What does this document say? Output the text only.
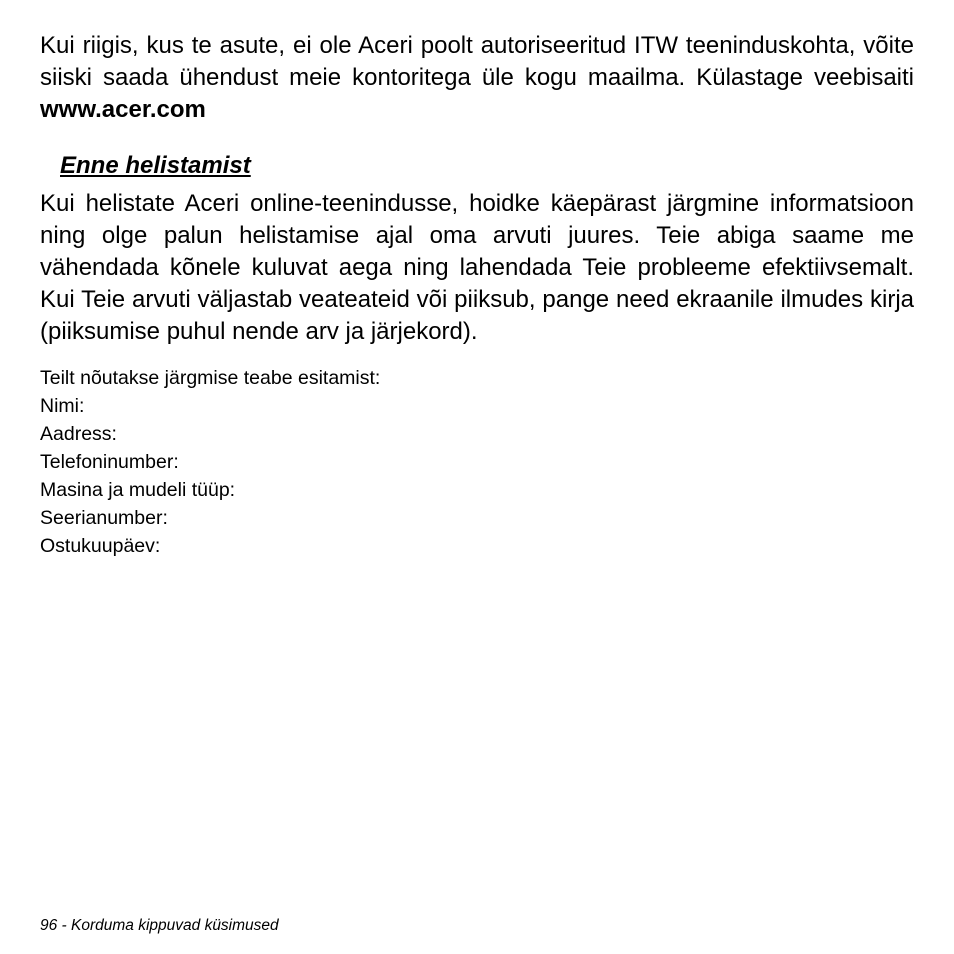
Kui riigis, kus te asute, ei ole Aceri poolt autoriseeritud ITW teeninduskohta, võite siiski saada ühendust meie kontoritega üle kogu maailma. Külastage veebisaiti www.acer.com

Enne helistamist

Kui helistate Aceri online-teenindusse, hoidke käepärast järgmine informatsioon ning olge palun helistamise ajal oma arvuti juures. Teie abiga saame me vähendada kõnele kuluvat aega ning lahendada Teie probleeme efektiivsemalt. Kui Teie arvuti väljastab veateateid või piiksub, pange need ekraanile ilmudes kirja (piiksumise puhul nende arv ja järjekord).

Teilt nõutakse järgmise teabe esitamist:

Nimi:
Aadress:
Telefoninumber:
Masina ja mudeli tüüp:
Seerianumber:
Ostukuupäev:
96 - Korduma kippuvad küsimused
